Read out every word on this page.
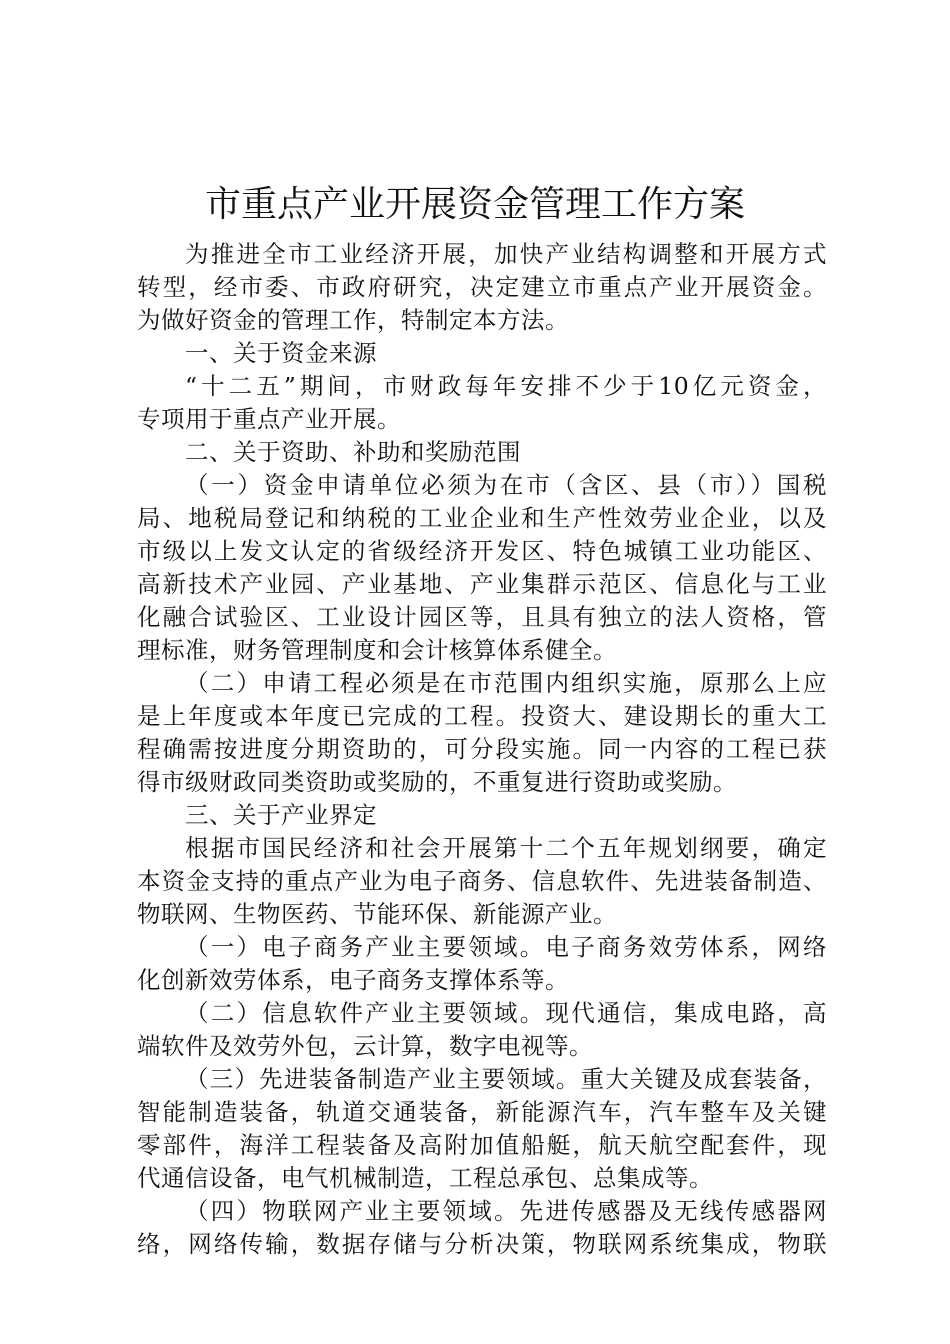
市重点产业开展资金管理工作方案
为推进全市工业经济开展，加快产业结构调整和开展方式
转型，经市委、市政府研究，决定建立市重点产业开展资金。
为做好资金的管理工作，特制定本方法。
一、关于资金来源
“十二五”期间，市财政每年安排不少于10亿元资金，
专项用于重点产业开展。
二、关于资助、补助和奖励范围
（一）资金申请单位必须为在市（含区、县（市））国税
局、地税局登记和纳税的工业企业和生产性效劳业企业，以及
市级以上发文认定的省级经济开发区、特色城镇工业功能区、
高新技术产业园、产业基地、产业集群示范区、信息化与工业
化融合试验区、工业设计园区等，且具有独立的法人资格，管
理标准，财务管理制度和会计核算体系健全。
（二）申请工程必须是在市范围内组织实施，原那么上应
是上年度或本年度已完成的工程。投资大、建设期长的重大工
程确需按进度分期资助的，可分段实施。同一内容的工程已获
得市级财政同类资助或奖励的，不重复进行资助或奖励。
三、关于产业界定
根据市国民经济和社会开展第十二个五年规划纲要，确定
本资金支持的重点产业为电子商务、信息软件、先进装备制造、
物联网、生物医药、节能环保、新能源产业。
（一）电子商务产业主要领域。电子商务效劳体系，网络
化创新效劳体系，电子商务支撑体系等。
（二）信息软件产业主要领域。现代通信，集成电路，高
端软件及效劳外包，云计算，数字电视等。
（三）先进装备制造产业主要领域。重大关键及成套装备，
智能制造装备，轨道交通装备，新能源汽车，汽车整车及关键
零部件，海洋工程装备及高附加值船艇，航天航空配套件，现
代通信设备，电气机械制造，工程总承包、总集成等。
（四）物联网产业主要领域。先进传感器及无线传感器网
络，网络传输，数据存储与分析决策，物联网系统集成，物联
